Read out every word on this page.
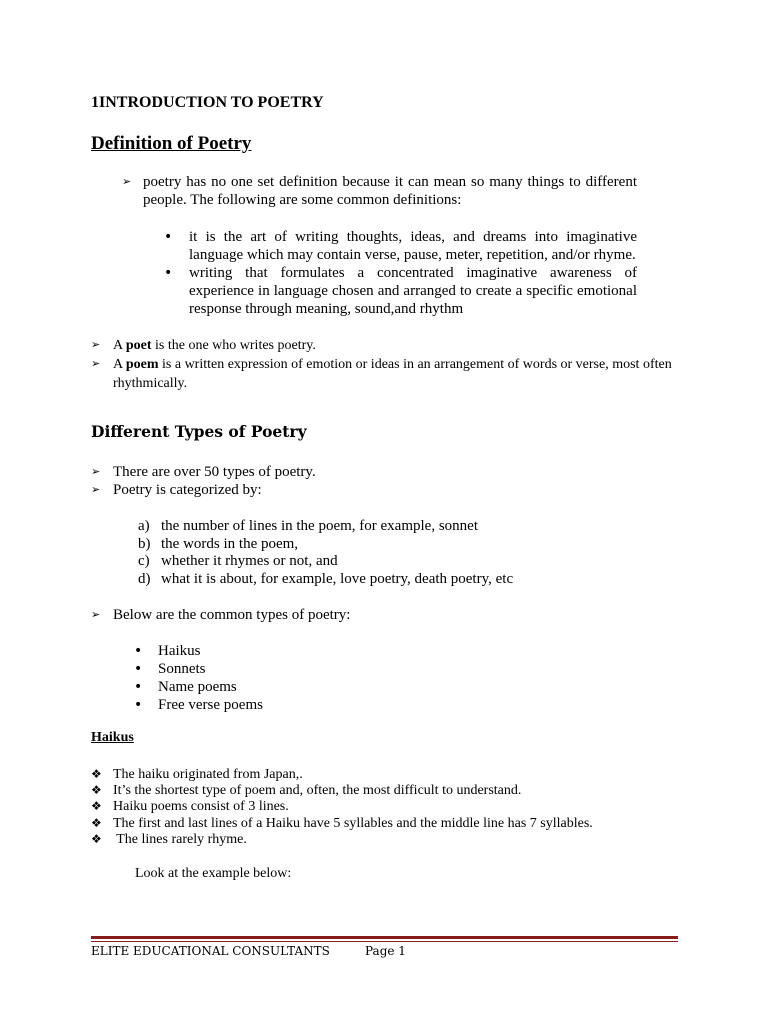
1INTRODUCTION TO POETRY
Definition of Poetry
➢ poetry has no one set definition because it can mean so many things to different people. The following are some common definitions:
• it is the art of writing thoughts, ideas, and dreams into imaginative language which may contain verse, pause, meter, repetition, and/or rhyme.
• writing that formulates a concentrated imaginative awareness of experience in language chosen and arranged to create a specific emotional response through meaning, sound,and rhythm
➢ A poet is the one who writes poetry.
➢ A poem is a written expression of emotion or ideas in an arrangement of words or verse, most often rhythmically.
Different Types of Poetry
➢ There are over 50 types of poetry.
➢ Poetry is categorized by:
a) the number of lines in the poem, for example, sonnet
b) the words in the poem,
c) whether it rhymes or not, and
d) what it is about, for example, love poetry, death poetry, etc
➢ Below are the common types of poetry:
• Haikus
• Sonnets
• Name poems
• Free verse poems
Haikus
❖ The haiku originated from Japan,.
❖ It’s the shortest type of poem and, often, the most difficult to understand.
❖ Haiku poems consist of 3 lines.
❖ The first and last lines of a Haiku have 5 syllables and the middle line has 7 syllables.
❖ The lines rarely rhyme.
Look at the example below:
ELITE EDUCATIONAL CONSULTANTS	Page 1
